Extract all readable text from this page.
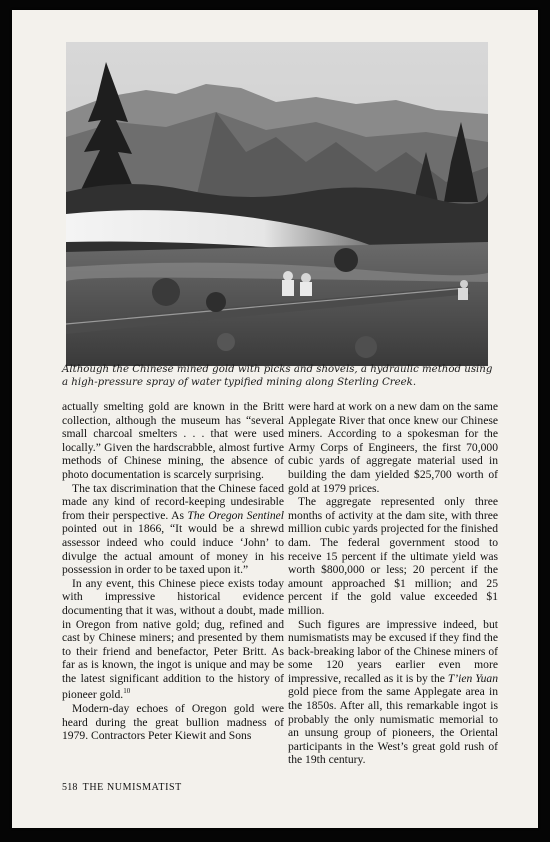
Although the Chinese mined gold with picks and shovels, a hydraulic method using a high-pressure spray of water typified mining along Sterling Creek.

actually smelting gold are known in the Britt collection, although the museum has “several small charcoal smelters . . . that were used locally.” Given the hardscrabble, almost furtive methods of Chinese mining, the absence of photo documentation is scarcely surprising.

The tax discrimination that the Chinese faced made any kind of record-keeping undesirable from their perspective. As The Oregon Sentinel pointed out in 1866, “It would be a shrewd assessor indeed who could induce ‘John’ to divulge the actual amount of money in his possession in order to be taxed upon it.”

In any event, this Chinese piece exists today with impressive historical evidence documenting that it was, without a doubt, made in Oregon from native gold; dug, refined and cast by Chinese miners; and presented by them to their friend and benefactor, Peter Britt. As far as is known, the ingot is unique and may be the latest significant addition to the history of pioneer gold.$^{10}$

Modern-day echoes of Oregon gold were heard during the great bullion madness of 1979. Contractors Peter Kiewit and Sons

were hard at work on a new dam on the same Applegate River that once knew our Chinese miners. According to a spokesman for the Army Corps of Engineers, the first 70,000 cubic yards of aggregate material used in building the dam yielded $25,700 worth of gold at 1979 prices.

The aggregate represented only three months of activity at the dam site, with three million cubic yards projected for the finished dam. The federal government stood to receive 15 percent if the ultimate yield was worth $800,000 or less; 20 percent if the amount approached $1 million; and 25 percent if the gold value exceeded $1 million.

Such figures are impressive indeed, but numismatists may be excused if they find the back-breaking labor of the Chinese miners of some 120 years earlier even more impressive, recalled as it is by the T’ien Yuan gold piece from the same Applegate area in the 1850s. After all, this remarkable ingot is probably the only numismatic memorial to an unsung group of pioneers, the Oriental participants in the West’s great gold rush of the 19th century.

518 THE NUMISMATIST
